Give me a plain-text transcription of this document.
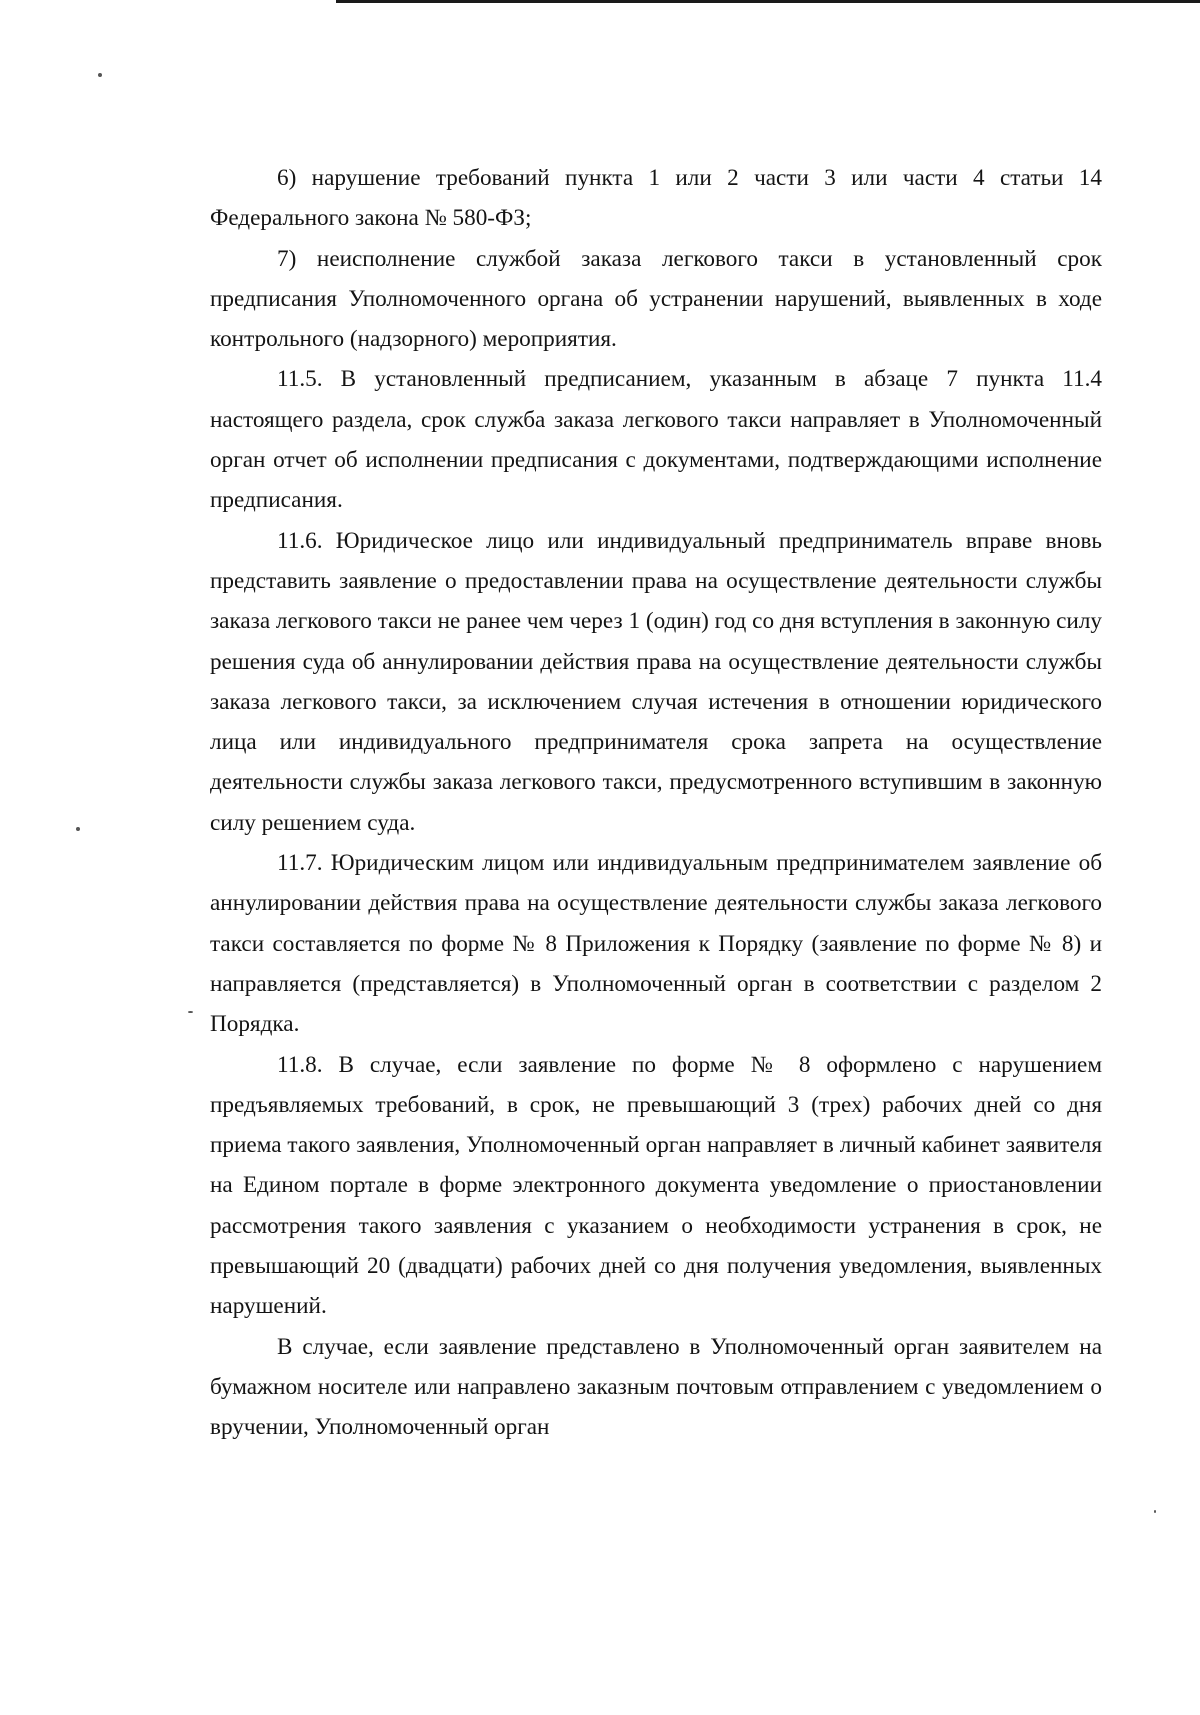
6) нарушение требований пункта 1 или 2 части 3 или части 4 статьи 14 Федерального закона № 580-ФЗ;

7) неисполнение службой заказа легкового такси в установленный срок предписания Уполномоченного органа об устранении нарушений, выявленных в ходе контрольного (надзорного) мероприятия.

11.5. В установленный предписанием, указанным в абзаце 7 пункта 11.4 настоящего раздела, срок служба заказа легкового такси направляет в Уполномоченный орган отчет об исполнении предписания с документами, подтверждающими исполнение предписания.

11.6. Юридическое лицо или индивидуальный предприниматель вправе вновь представить заявление о предоставлении права на осуществление деятельности службы заказа легкового такси не ранее чем через 1 (один) год со дня вступления в законную силу решения суда об аннулировании действия права на осуществление деятельности службы заказа легкового такси, за исключением случая истечения в отношении юридического лица или индивидуального предпринимателя срока запрета на осуществление деятельности службы заказа легкового такси, предусмотренного вступившим в законную силу решением суда.

11.7. Юридическим лицом или индивидуальным предпринимателем заявление об аннулировании действия права на осуществление деятельности службы заказа легкового такси составляется по форме № 8 Приложения к Порядку (заявление по форме № 8) и направляется (представляется) в Уполномоченный орган в соответствии с разделом 2 Порядка.

11.8. В случае, если заявление по форме № 8 оформлено с нарушением предъявляемых требований, в срок, не превышающий 3 (трех) рабочих дней со дня приема такого заявления, Уполномоченный орган направляет в личный кабинет заявителя на Едином портале в форме электронного документа уведомление о приостановлении рассмотрения такого заявления с указанием о необходимости устранения в срок, не превышающий 20 (двадцати) рабочих дней со дня получения уведомления, выявленных нарушений.

В случае, если заявление представлено в Уполномоченный орган заявителем на бумажном носителе или направлено заказным почтовым отправлением с уведомлением о вручении, Уполномоченный орган
